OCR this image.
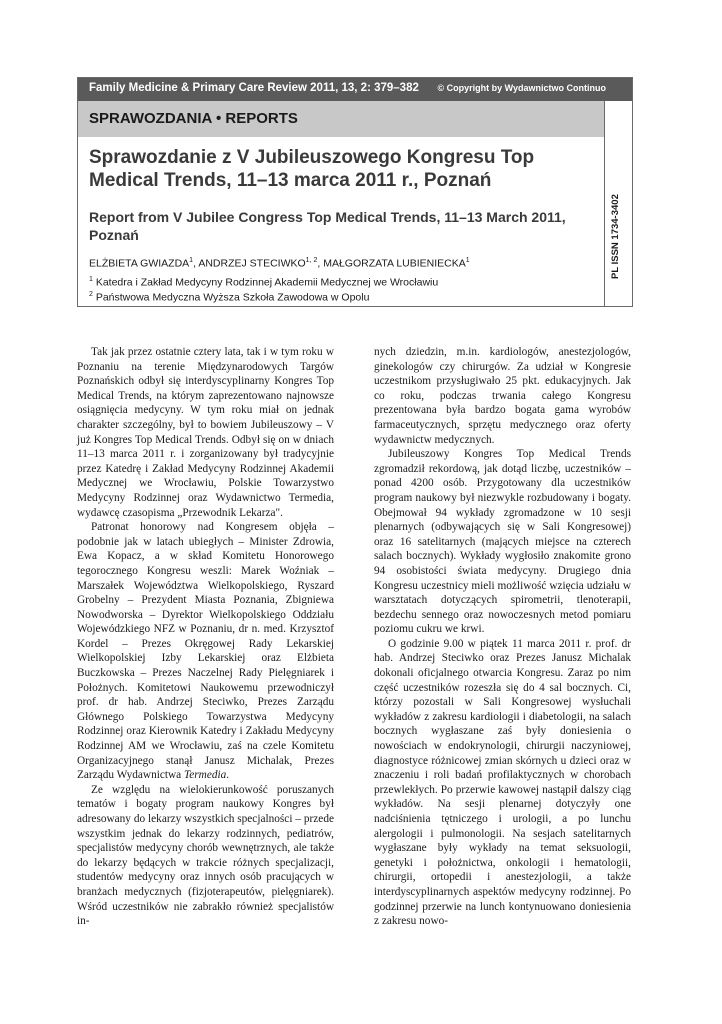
Family Medicine & Primary Care Review 2011, 13, 2: 379–382 © Copyright by Wydawnictwo Continuo
SPRAWOZDANIA • REPORTS
PL ISSN 1734-3402
Sprawozdanie z V Jubileuszowego Kongresu Top Medical Trends, 11–13 marca 2011 r., Poznań
Report from V Jubilee Congress Top Medical Trends, 11–13 March 2011, Poznań
ELŻBIETA GWIAZDA$^1$, ANDRZEJ STECIWKO$^{1, 2}$, MAŁGORZATA LUBIENIECKA$^1$
$^1$ Katedra i Zakład Medycyny Rodzinnej Akademii Medycznej we Wrocławiu
$^2$ Państwowa Medyczna Wyższa Szkoła Zawodowa w Opolu

Tak jak przez ostatnie cztery lata, tak i w tym roku w Poznaniu na terenie Międzynarodowych Targów Poznańskich odbył się interdyscyplinarny Kongres Top Medical Trends, na którym zaprezentowano najnowsze osiągnięcia medycyny. W tym roku miał on jednak charakter szczególny, był to bowiem Jubileuszowy – V już Kongres Top Medical Trends. Odbył się on w dniach 11–13 marca 2011 r. i zorganizowany był tradycyjnie przez Katedrę i Zakład Medycyny Rodzinnej Akademii Medycznej we Wrocławiu, Polskie Towarzystwo Medycyny Rodzinnej oraz Wydawnictwo Termedia, wydawcę czasopisma „Przewodnik Lekarza".

Patronat honorowy nad Kongresem objęła – podobnie jak w latach ubiegłych – Minister Zdrowia, Ewa Kopacz, a w skład Komitetu Honorowego tegorocznego Kongresu weszli: Marek Woźniak – Marszałek Województwa Wielkopolskiego, Ryszard Grobelny – Prezydent Miasta Poznania, Zbigniewa Nowodworska – Dyrektor Wielkopolskiego Oddziału Wojewódzkiego NFZ w Poznaniu, dr n. med. Krzysztof Kordel – Prezes Okręgowej Rady Lekarskiej Wielkopolskiej Izby Lekarskiej oraz Elżbieta Buczkowska – Prezes Naczelnej Rady Pielęgniarek i Położnych. Komitetowi Naukowemu przewodniczył prof. dr hab. Andrzej Steciwko, Prezes Zarządu Głównego Polskiego Towarzystwa Medycyny Rodzinnej oraz Kierownik Katedry i Zakładu Medycyny Rodzinnej AM we Wrocławiu, zaś na czele Komitetu Organizacyjnego stanął Janusz Michalak, Prezes Zarządu Wydawnictwa Termedia.

Ze względu na wielokierunkowość poruszanych tematów i bogaty program naukowy Kongres był adresowany do lekarzy wszystkich specjalności – przede wszystkim jednak do lekarzy rodzinnych, pediatrów, specjalistów medycyny chorób wewnętrznych, ale także do lekarzy będących w trakcie różnych specjalizacji, studentów medycyny oraz innych osób pracujących w branżach medycznych (fizjoterapeutów, pielęgniarek). Wśród uczestników nie zabrakło również specjalistów in-

nych dziedzin, m.in. kardiologów, anestezjologów, ginekologów czy chirurgów. Za udział w Kongresie uczestnikom przysługiwało 25 pkt. edukacyjnych. Jak co roku, podczas trwania całego Kongresu prezentowana była bardzo bogata gama wyrobów farmaceutycznych, sprzętu medycznego oraz oferty wydawnictw medycznych.

Jubileuszowy Kongres Top Medical Trends zgromadził rekordową, jak dotąd liczbę, uczestników – ponad 4200 osób. Przygotowany dla uczestników program naukowy był niezwykle rozbudowany i bogaty. Obejmował 94 wykłady zgromadzone w 10 sesji plenarnych (odbywających się w Sali Kongresowej) oraz 16 satelitarnych (mających miejsce na czterech salach bocznych). Wykłady wygłosiło znakomite grono 94 osobistości świata medycyny. Drugiego dnia Kongresu uczestnicy mieli możliwość wzięcia udziału w warsztatach dotyczących spirometrii, tlenoterapii, bezdechu sennego oraz nowoczesnych metod pomiaru poziomu cukru we krwi.

O godzinie 9.00 w piątek 11 marca 2011 r. prof. dr hab. Andrzej Steciwko oraz Prezes Janusz Michalak dokonali oficjalnego otwarcia Kongresu. Zaraz po nim część uczestników rozeszła się do 4 sal bocznych. Ci, którzy pozostali w Sali Kongresowej wysłuchali wykładów z zakresu kardiologii i diabetologii, na salach bocznych wygłaszane zaś były doniesienia o nowościach w endokrynologii, chirurgii naczyniowej, diagnostyce różnicowej zmian skórnych u dzieci oraz w znaczeniu i roli badań profilaktycznych w chorobach przewlekłych. Po przerwie kawowej nastąpił dalszy ciąg wykładów. Na sesji plenarnej dotyczyły one nadciśnienia tętniczego i urologii, a po lunchu alergologii i pulmonologii. Na sesjach satelitarnych wygłaszane były wykłady na temat seksuologii, genetyki i położnictwa, onkologii i hematologii, chirurgii, ortopedii i anestezjologii, a także interdyscyplinarnych aspektów medycyny rodzinnej. Po godzinnej przerwie na lunch kontynuowano doniesienia z zakresu nowo-
